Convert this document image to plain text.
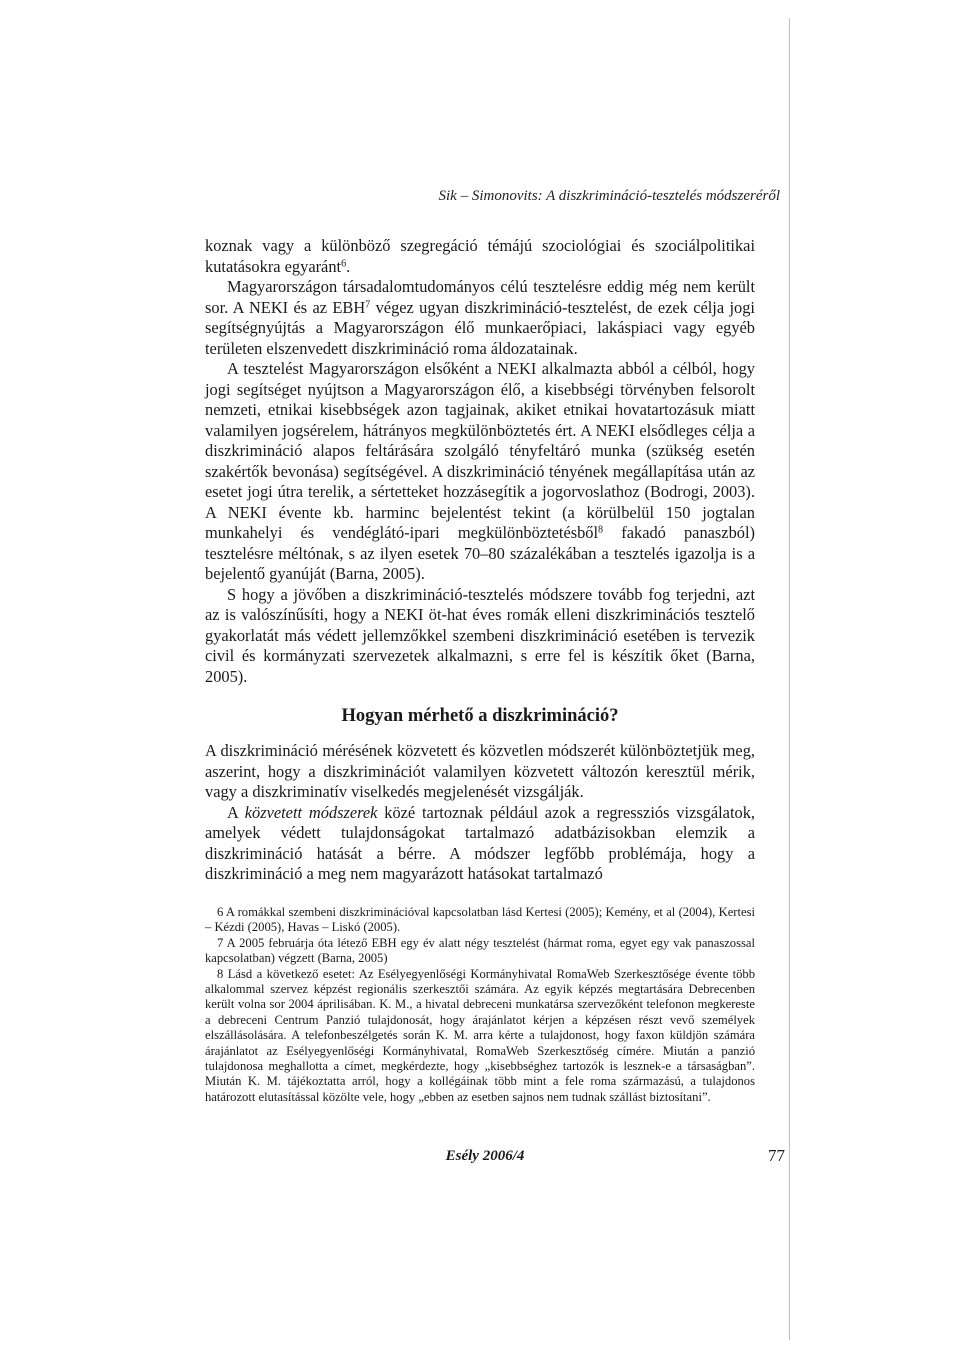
Sik – Simonovits: A diszkrimináció-tesztelés módszeréről

koznak vagy a különböző szegregáció témájú szociológiai és szociálpolitikai kutatásokra egyaránt$^6$.

Magyarországon társadalomtudományos célú tesztelésre eddig még nem került sor. A NEKI és az EBH$^7$ végez ugyan diszkrimináció-tesztelést, de ezek célja jogi segítségnyújtás a Magyarországon élő munkaerőpiaci, lakáspiaci vagy egyéb területen elszenvedett diszkrimináció roma áldozatainak.

A tesztelést Magyarországon elsőként a NEKI alkalmazta abból a célból, hogy jogi segítséget nyújtson a Magyarországon élő, a kisebbségi törvényben felsorolt nemzeti, etnikai kisebbségek azon tagjainak, akiket etnikai hovatartozásuk miatt valamilyen jogsérelem, hátrányos megkülönböztetés ért. A NEKI elsődleges célja a diszkrimináció alapos feltárására szolgáló tényfeltáró munka (szükség esetén szakértők bevonása) segítségével. A diszkrimináció tényének megállapítása után az esetet jogi útra terelik, a sértetteket hozzásegítik a jogorvoslathoz (Bodrogi, 2003). A NEKI évente kb. harminc bejelentést tekint (a körülbelül 150 jogtalan munkahelyi és vendéglátó-ipari megkülönböztetésből$^8$ fakadó panaszból) tesztelésre méltónak, s az ilyen esetek 70–80 százalékában a tesztelés igazolja is a bejelentő gyanúját (Barna, 2005).

S hogy a jövőben a diszkrimináció-tesztelés módszere tovább fog terjedni, azt az is valószínűsíti, hogy a NEKI öt-hat éves romák elleni diszkriminációs tesztelő gyakorlatát más védett jellemzőkkel szembeni diszkrimináció esetében is tervezik civil és kormányzati szervezetek alkalmazni, s erre fel is készítik őket (Barna, 2005).

Hogyan mérhető a diszkrimináció?

A diszkrimináció mérésének közvetett és közvetlen módszerét különböztetjük meg, aszerint, hogy a diszkriminációt valamilyen közvetett változón keresztül mérik, vagy a diszkriminatív viselkedés megjelenését vizsgálják.

A közvetett módszerek közé tartoznak például azok a regressziós vizsgálatok, amelyek védett tulajdonságokat tartalmazó adatbázisokban elemzik a diszkrimináció hatását a bérre. A módszer legfőbb problémája, hogy a diszkrimináció a meg nem magyarázott hatásokat tartalmazó

6 A romákkal szembeni diszkriminációval kapcsolatban lásd Kertesi (2005); Kemény, et al (2004), Kertesi – Kézdi (2005), Havas – Liskó (2005).

7 A 2005 februárja óta létező EBH egy év alatt négy tesztelést (hármat roma, egyet egy vak panaszossal kapcsolatban) végzett (Barna, 2005)

8 Lásd a következő esetet: Az Esélyegyenlőségi Kormányhivatal RomaWeb Szerkesztősége évente több alkalommal szervez képzést regionális szerkesztői számára. Az egyik képzés megtartására Debrecenben került volna sor 2004 áprilisában. K. M., a hivatal debreceni munkatársa szervezőként telefonon megkereste a debreceni Centrum Panzió tulajdonosát, hogy árajánlatot kérjen a képzésen részt vevő személyek elszállásolására. A telefonbeszélgetés során K. M. arra kérte a tulajdonost, hogy faxon küldjön számára árajánlatot az Esélyegyenlőségi Kormányhivatal, RomaWeb Szerkesztőség címére. Miután a panzió tulajdonosa meghallotta a címet, megkérdezte, hogy „kisebbséghez tartozók is lesznek-e a társaságban”. Miután K. M. tájékoztatta arról, hogy a kollégáinak több mint a fele roma származású, a tulajdonos határozott elutasítással közölte vele, hogy „ebben az esetben sajnos nem tudnak szállást biztosítani”.

Esély 2006/4	77
